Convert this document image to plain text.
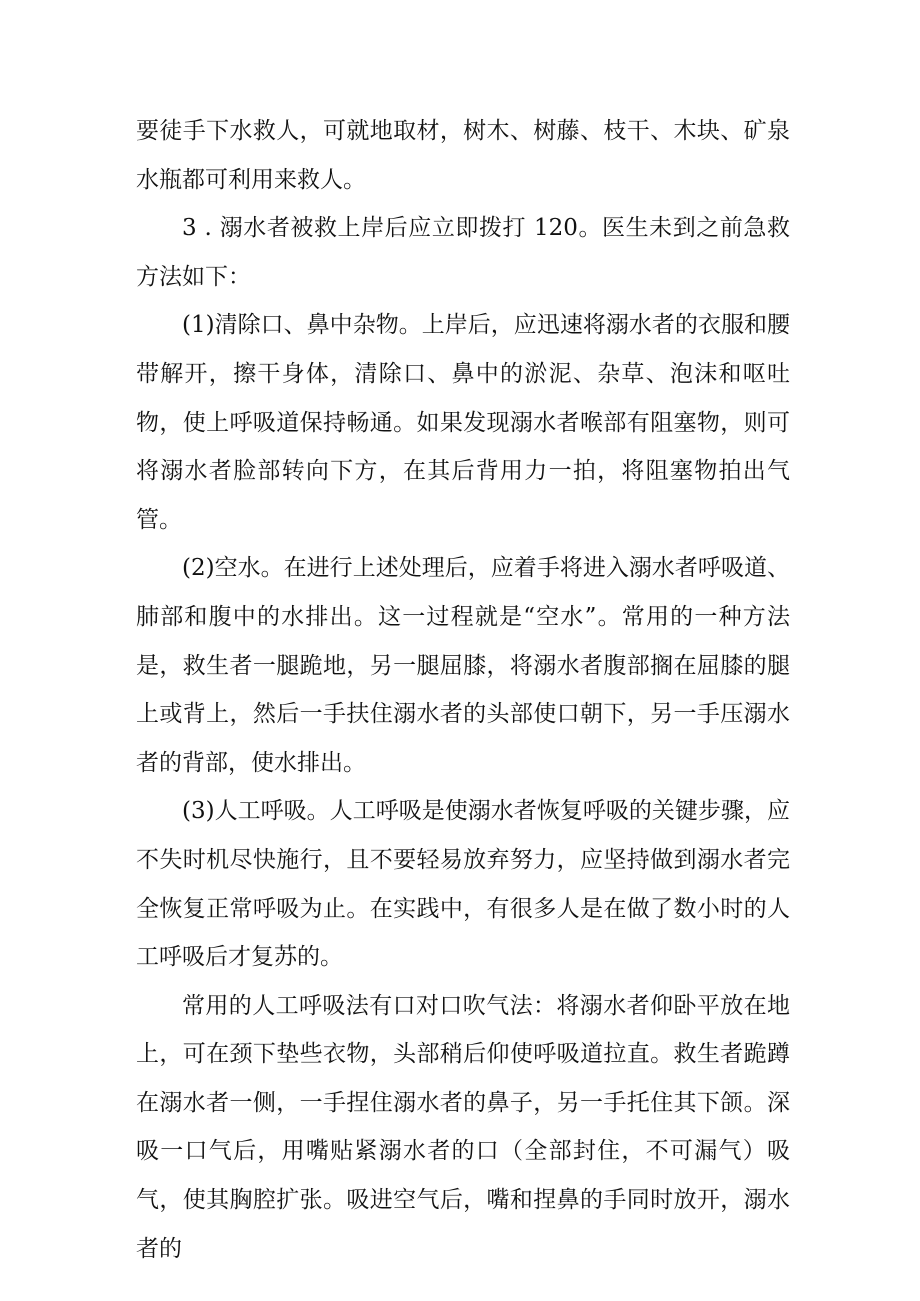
要徒手下水救人，可就地取材，树木、树藤、枝干、木块、矿泉水瓶都可利用来救人。

3 . 溺水者被救上岸后应立即拨打 120。医生未到之前急救方法如下：

(1)清除口、鼻中杂物。上岸后，应迅速将溺水者的衣服和腰带解开，擦干身体，清除口、鼻中的淤泥、杂草、泡沫和呕吐物，使上呼吸道保持畅通。如果发现溺水者喉部有阻塞物，则可将溺水者脸部转向下方，在其后背用力一拍，将阻塞物拍出气管。

(2)空水。在进行上述处理后，应着手将进入溺水者呼吸道、肺部和腹中的水排出。这一过程就是“空水”。常用的一种方法是，救生者一腿跪地，另一腿屈膝，将溺水者腹部搁在屈膝的腿上或背上，然后一手扶住溺水者的头部使口朝下，另一手压溺水者的背部，使水排出。

(3)人工呼吸。人工呼吸是使溺水者恢复呼吸的关键步骤，应不失时机尽快施行，且不要轻易放弃努力，应坚持做到溺水者完全恢复正常呼吸为止。在实践中，有很多人是在做了数小时的人工呼吸后才复苏的。

常用的人工呼吸法有口对口吹气法：将溺水者仰卧平放在地上，可在颈下垫些衣物，头部稍后仰使呼吸道拉直。救生者跪蹲在溺水者一侧，一手捏住溺水者的鼻子，另一手托住其下颌。深吸一口气后，用嘴贴紧溺水者的口（全部封住，不可漏气）吸气，使其胸腔扩张。吸进空气后，嘴和捏鼻的手同时放开，溺水者的
